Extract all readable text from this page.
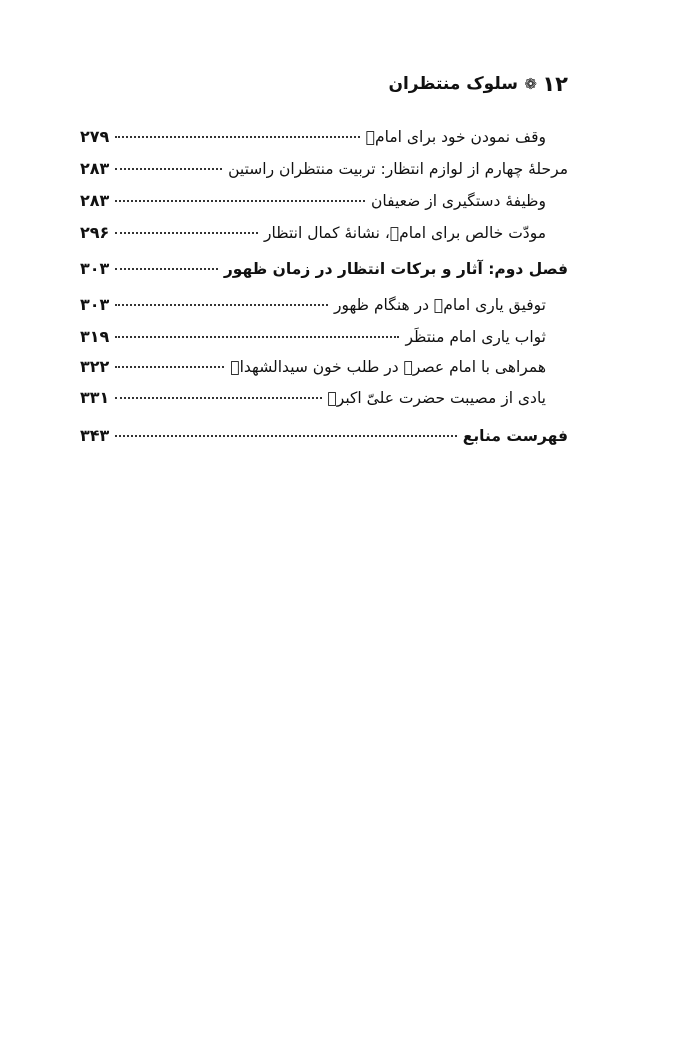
۱۲
❁
سلوک منتظران
وقف نمودن خود برای امامؑ
۲۷۹
مرحلۀ چهارم از لوازم انتظار: تربیت منتظران راستین
۲۸۳
وظیفۀ دستگیری از ضعیفان
۲۸۳
مودّت خالص برای امامؑ، نشانۀ کمال انتظار
۲۹۶
فصل دوم: آثار و برکات انتظار در زمان ظهور
۳۰۳
توفیق یاری امامؑ در هنگام ظهور
۳۰۳
ثواب یاری امام منتظَر
۳۱۹
همراهی با امام عصرؑ در طلب خون سیدالشهداؑ
۳۲۲
یادی از مصیبت حضرت علیّ اکبرؑ
۳۳۱
فهرست منابع
۳۴۳
